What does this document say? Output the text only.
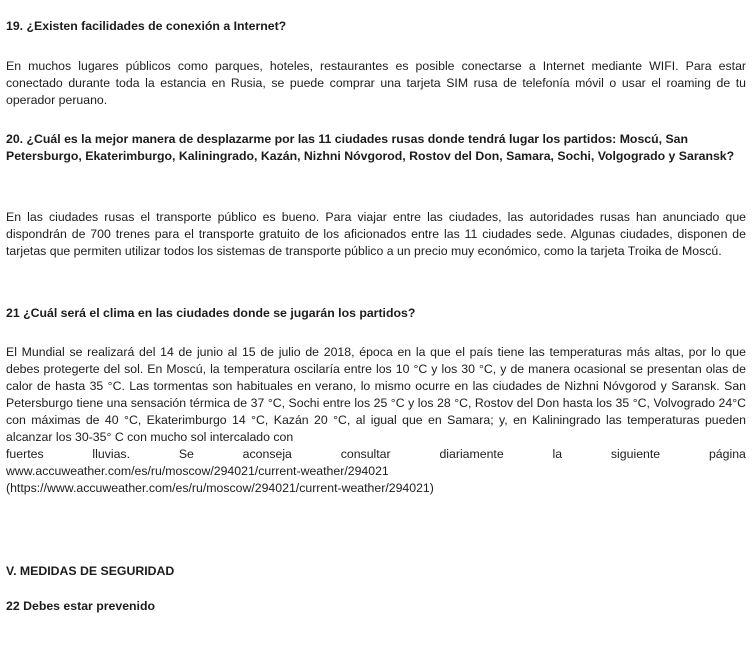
19. ¿Existen facilidades de conexión a Internet?
En muchos lugares públicos como parques, hoteles, restaurantes es posible conectarse a Internet mediante WIFI. Para estar conectado durante toda la estancia en Rusia, se puede comprar una tarjeta SIM rusa de telefonía móvil o usar el roaming de tu operador peruano.
20. ¿Cuál es la mejor manera de desplazarme por las 11 ciudades rusas donde tendrá lugar los partidos: Moscú, San Petersburgo, Ekaterimburgo, Kaliningrado, Kazán, Nizhni Nóvgorod, Rostov del Don, Samara, Sochi, Volgogrado y Saransk?
En las ciudades rusas el transporte público es bueno. Para viajar entre las ciudades, las autoridades rusas han anunciado que dispondrán de 700 trenes para el transporte gratuito de los aficionados entre las 11 ciudades sede. Algunas ciudades, disponen de tarjetas que permiten utilizar todos los sistemas de transporte público a un precio muy económico, como la tarjeta Troika de Moscú.
21 ¿Cuál será el clima en las ciudades donde se jugarán los partidos?
El Mundial se realizará del 14 de junio al 15 de julio de 2018, época en la que el país tiene las temperaturas más altas, por lo que debes protegerte del sol. En Moscú, la temperatura oscilaría entre los 10 °C y los 30 °C, y de manera ocasional se presentan olas de calor de hasta 35 °C. Las tormentas son habituales en verano, lo mismo ocurre en las ciudades de Nizhni Nóvgorod y Saransk. San Petersburgo tiene una sensación térmica de 37 °C, Sochi entre los 25 °C y los 28 °C, Rostov del Don hasta los 35 °C, Volvogrado 24°C con máximas de 40 °C, Ekaterimburgo 14 °C, Kazán 20 °C, al igual que en Samara; y, en Kaliningrado las temperaturas pueden alcanzar los 30-35° C con mucho sol intercalado con
fuertes	lluvias.	Se	aconseja	consultar	diariamente	la	siguiente	página
www.accuweather.com/es/ru/moscow/294021/current-weather/294021
(https://www.accuweather.com/es/ru/moscow/294021/current-weather/294021)
V. MEDIDAS DE SEGURIDAD
22 Debes estar prevenido
